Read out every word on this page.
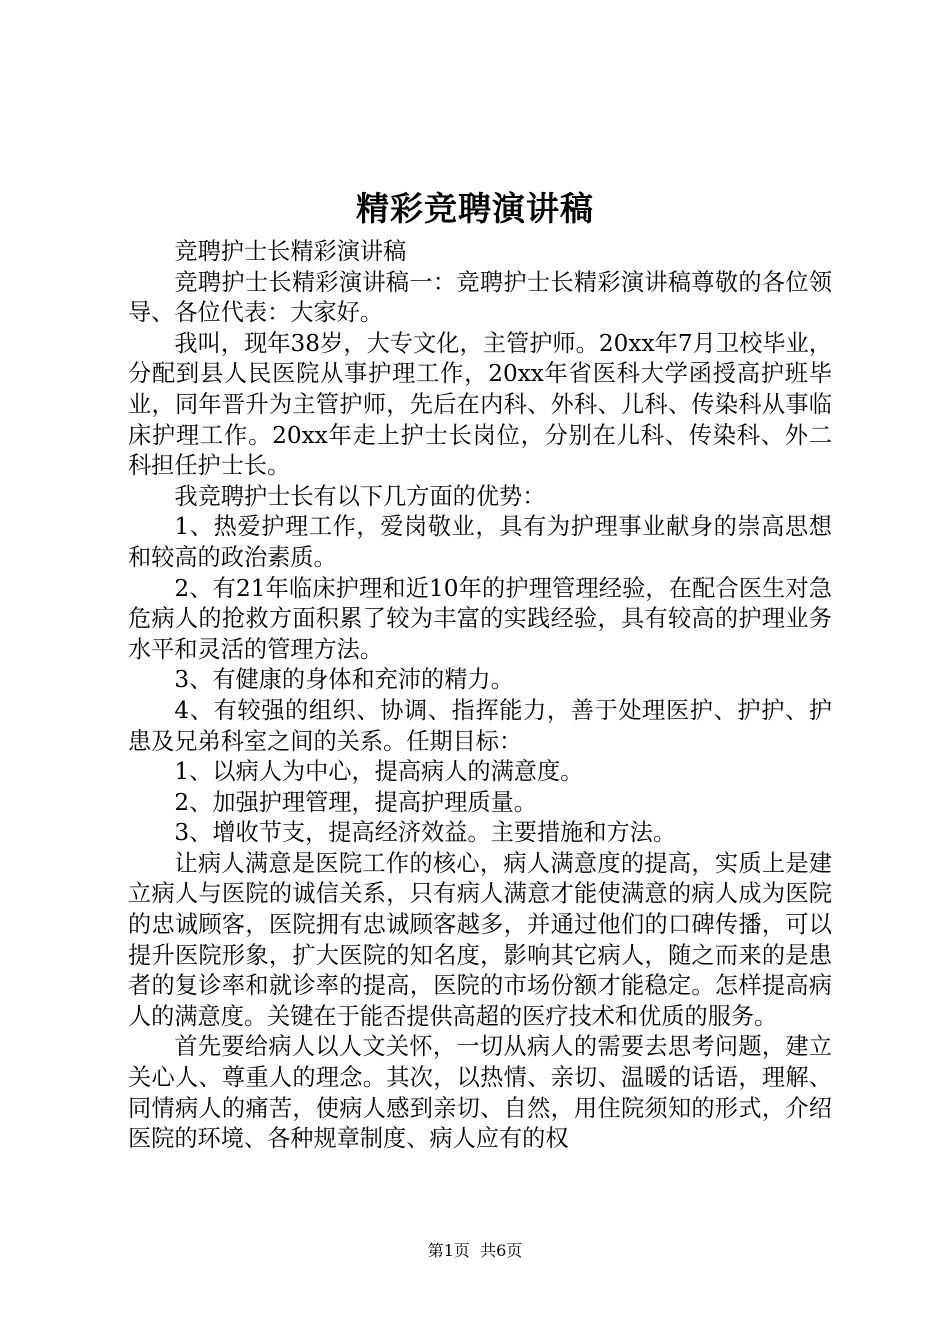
精彩竞聘演讲稿

竞聘护士长精彩演讲稿

竞聘护士长精彩演讲稿一：竞聘护士长精彩演讲稿尊敬的各位领导、各位代表：大家好。

我叫，现年38岁，大专文化，主管护师。20xx年7月卫校毕业，分配到县人民医院从事护理工作，20xx年省医科大学函授高护班毕业，同年晋升为主管护师，先后在内科、外科、儿科、传染科从事临床护理工作。20xx年走上护士长岗位，分别在儿科、传染科、外二科担任护士长。

我竞聘护士长有以下几方面的优势：

1、热爱护理工作，爱岗敬业，具有为护理事业献身的崇高思想和较高的政治素质。

2、有21年临床护理和近10年的护理管理经验，在配合医生对急危病人的抢救方面积累了较为丰富的实践经验，具有较高的护理业务水平和灵活的管理方法。

3、有健康的身体和充沛的精力。

4、有较强的组织、协调、指挥能力，善于处理医护、护护、护患及兄弟科室之间的关系。任期目标：

1、以病人为中心，提高病人的满意度。

2、加强护理管理，提高护理质量。

3、增收节支，提高经济效益。主要措施和方法。

让病人满意是医院工作的核心，病人满意度的提高，实质上是建立病人与医院的诚信关系，只有病人满意才能使满意的病人成为医院的忠诚顾客，医院拥有忠诚顾客越多，并通过他们的口碑传播，可以提升医院形象，扩大医院的知名度，影响其它病人，随之而来的是患者的复诊率和就诊率的提高，医院的市场份额才能稳定。怎样提高病人的满意度。关键在于能否提供高超的医疗技术和优质的服务。

首先要给病人以人文关怀，一切从病人的需要去思考问题，建立关心人、尊重人的理念。其次，以热情、亲切、温暖的话语，理解、同情病人的痛苦，使病人感到亲切、自然，用住院须知的形式，介绍医院的环境、各种规章制度、病人应有的权

第1页 共6页
